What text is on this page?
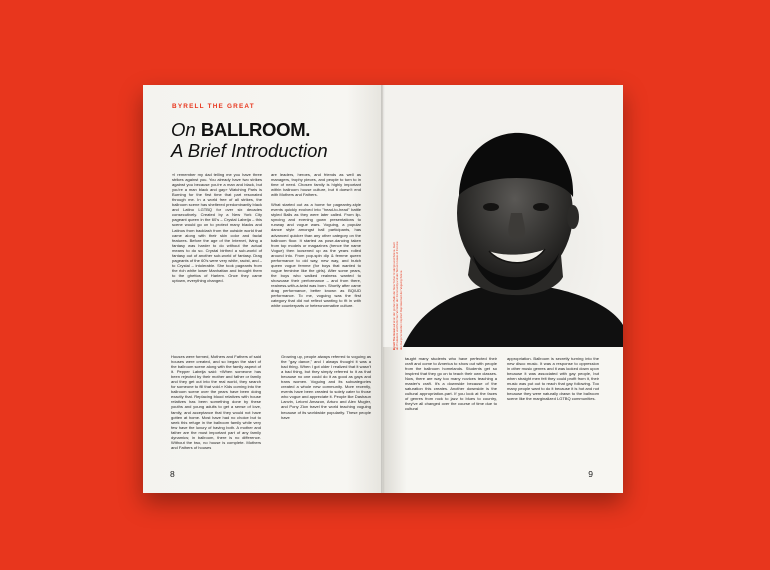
BYRELL THE GREAT
On BALLROOM.
A Brief Introduction

«I remember my dad telling me you have three strikes against you. You already have two strikes against you because you're a man and black, but you're a man black and gay» Watching Paris is Burning for the first time that part resonated through me. In a world free of all strikes, the ballroom scene has sheltered predominantly black and Latino LGTBQ for over six decades consecutively. Created by a New York City pageant queen in the 60's – Crystal Labeija – this scene would go on to protect many blacks and Latinos from backlash from the outside world that came along with their skin color and facial features. Before the age of the Internet, living a fantasy was harder to do without the actual means to do so. Crystal birthed a sub-world of fantasy out of another sub-world of fantasy. Drag pageants of the 60's were very white, racist, and – to Crystal – intolerable. She took pageants from the rich white lower Manhattan and brought them to the ghettos of Harlem. Once they came uptown, everything changed.

are leaders, heroes, and friends as well as managers, trophy pieces, and people to turn to in time of need. Chosen family is highly important within ballroom house culture, but it doesn't end with Mothers and Fathers.

What started out as a home for pageantry-style events quickly evolved into "head-to-head" battle styled Balls as they were later called. From lip-syncing and evening gown presentations to runway and vogue wars. Voguing, a popular dance style amongst ball participants, has advanced quicker than any other category on the ballroom floor. It started as pose-dancing taken from top models or magazines (hence the name Vogue) then loosened up as the years rolled around into. From pop-spin dip & femme queen performance to old way, new way, and butch queen vogue femme (for boys that wanted to vogue feminine like the girls). After some years, the boys who walked realness wanted to showcase their performance – and from there, realness-with-a-twist was born. Shortly after came drag performance, better known as BQ/UD performance. To me, voguing was the first category that did not reflect wanting to fit in with white counterparts or heteronormative culture.

Houses were formed, Mothers and Fathers of said houses were created, and so began the start of the ballroom scene along with the family aspect of it. Pepper Labeija said: «When someone has been rejected by their mother and father or family and they get out into the real world, they search for someone to fill that void.» Kids coming into the ballroom scene over the years have been doing exactly that. Replacing blood relatives with house relatives has been something done by these youths and young adults to get a sense of love, family, and acceptance that they would not have gotten at home. Most have had no choice but to seek this refuge in the ballroom family while very few have the luxury of having both. A mother and father are the most important part of any family dynamics; in ballroom, there is no difference. Without the two, no house is complete. Mothers and Fathers of houses

Growing up, people always referred to voguing as the "gay dance," and I always thought it was a bad thing. When I got older I realized that it wasn't a bad thing, but they simply referred to it as that because no one could do it as good as gays and trans women. Voguing and its subcategories created a whole new community. More recently, events have been created to solely cater to those who vogue and appreciate it. People like Dashaun Lanvin, Leiomi Amazon, Arturo and Alex Mugler, and Pony Zion travel the world teaching voguing because of its worldwide popularity. These people have

8
Byrell The Great auf einer der großen Balls der New Yorker Underground-Szene. Auch als Produzent und Performer Vorreiter der Community und als Teil vom Haus of Comme des Garçons Garden inspiriert Repräsentant der Voguing-Szene.

taught many students who have perfected their craft and come to America to show out with people from the ballroom homelands. Students get so inspired that they go on to teach their own classes. Now, there are way too many novices teaching a master's craft. It's a downside because of the saturation this creates. Another downside is the cultural appropriation-part. If you look at the faces of genres from rock to jazz to blues to country, they've all changed over the course of time due to cultural

appropriation. Ballroom is secretly turning into the new disco music. It was a response to oppression in other music genres and it was looked down upon because it was associated with gay people, but when straight men felt they could profit from it, their music was put out to reach that gay following. Too many people want to do it because it is hot and not because they were naturally drawn to the ballroom scene like the marginalized LGTBQ communities.

9
